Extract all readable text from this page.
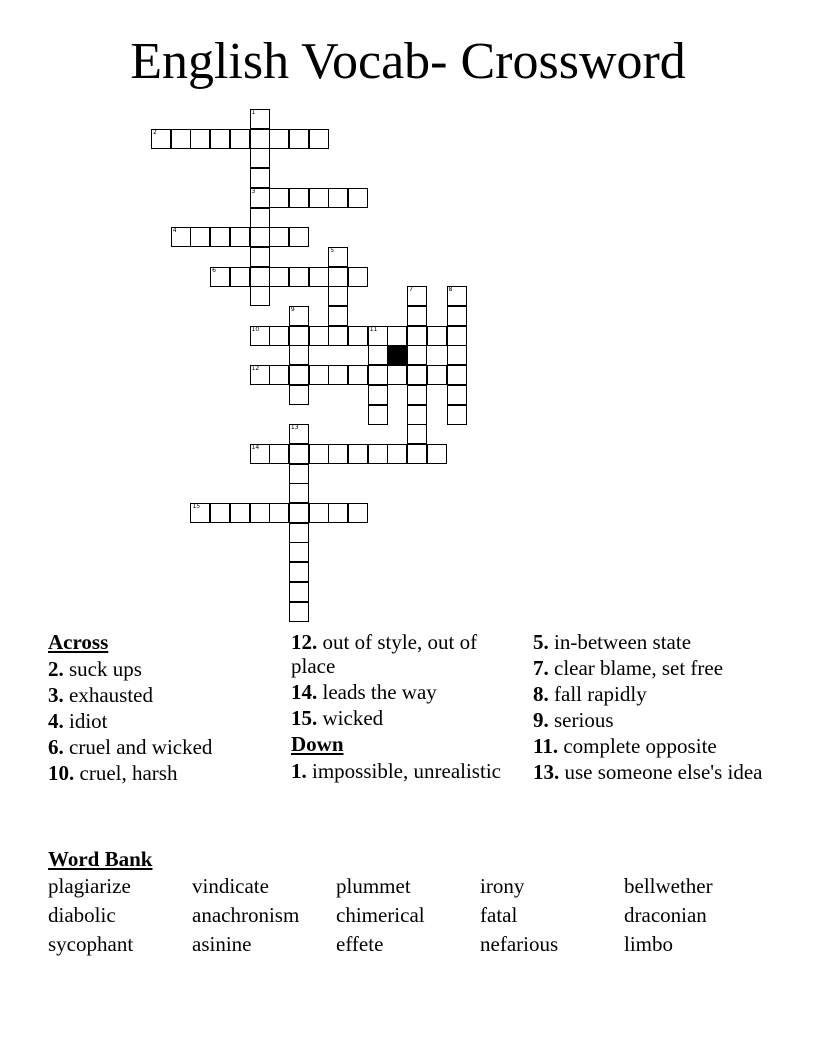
English Vocab- Crossword
2
3
4
6
10	11
12
14
15
1
5
7	8
9
13
Across
2. suck ups
3. exhausted
4. idiot
6. cruel and wicked
10. cruel, harsh
12. out of style, out of place
14. leads the way
15. wicked
Down
1. impossible, unrealistic
5. in-between state
7. clear blame, set free
8. fall rapidly
9. serious
11. complete opposite
13. use someone else's idea
Word Bank
plagiarize	vindicate	plummet	irony	bellwether
diabolic	anachronism	chimerical	fatal	draconian
sycophant	asinine	effete	nefarious	limbo
